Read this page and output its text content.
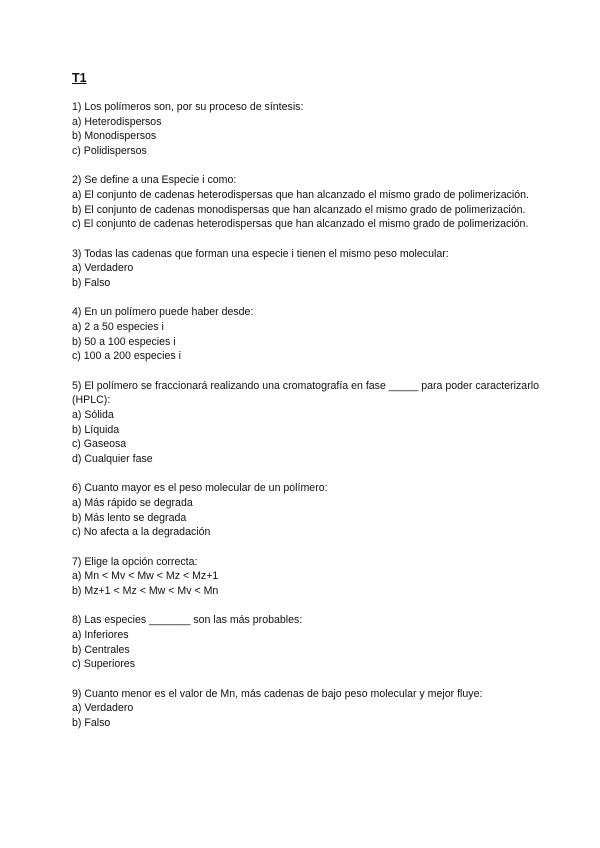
T1
1) Los polímeros son, por su proceso de síntesis:
a) Heterodispersos
b) Monodispersos
c) Polidispersos
2) Se define a una Especie i como:
a) El conjunto de cadenas heterodispersas que han alcanzado el mismo grado de polimerización.
b) El conjunto de cadenas monodispersas que han alcanzado el mismo grado de polimerización.
c) El conjunto de cadenas heterodispersas que han alcanzado el mismo grado de polimerización.
3) Todas las cadenas que forman una especie i tienen el mismo peso molecular:
a) Verdadero
b) Falso
4) En un polímero puede haber desde:
a) 2 a 50 especies i
b) 50 a 100 especies i
c) 100 a 200 especies i
5) El polímero se fraccionará realizando una cromatografía en fase _____ para poder caracterizarlo (HPLC):
a) Sólida
b) Líquida
c) Gaseosa
d) Cualquier fase
6) Cuanto mayor es el peso molecular de un polímero:
a) Más rápido se degrada
b) Más lento se degrada
c) No afecta a la degradación
7) Elige la opción correcta:
a) Mn < Mv < Mw < Mz < Mz+1
b) Mz+1 < Mz < Mw < Mv < Mn
8) Las especies _______ son las más probables:
a) Inferiores
b) Centrales
c) Superiores
9) Cuanto menor es el valor de Mn, más cadenas de bajo peso molecular y mejor fluye:
a) Verdadero
b) Falso
